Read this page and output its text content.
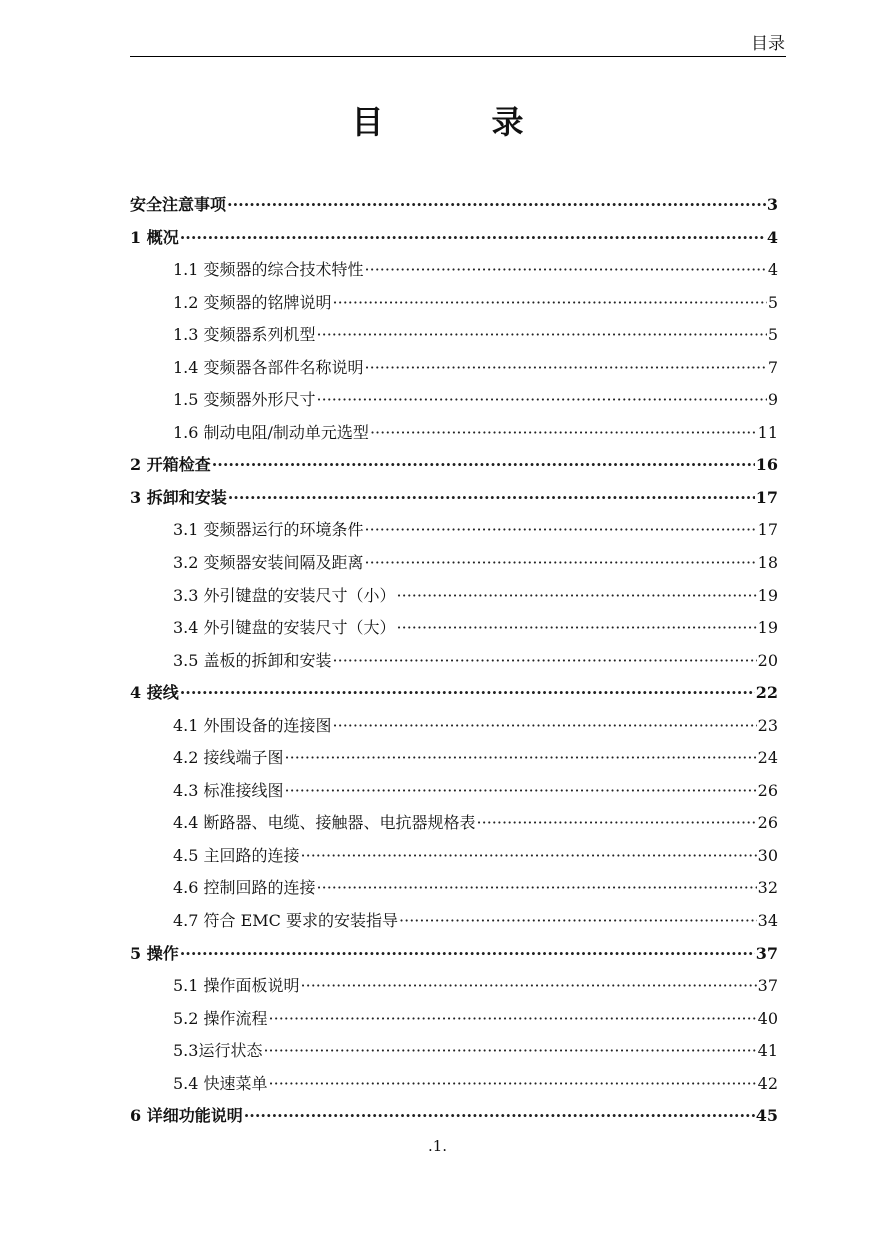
目录
目　录
安全注意事项 ·····	3
1 概况 ·····	4
1.1 变频器的综合技术特性 ·····	4
1.2 变频器的铭牌说明 ·····	5
1.3 变频器系列机型 ·····	5
1.4 变频器各部件名称说明 ·····	7
1.5 变频器外形尺寸 ·····	9
1.6 制动电阻/制动单元选型 ·····	11
2 开箱检查 ·····	16
3 拆卸和安装 ·····	17
3.1 变频器运行的环境条件 ·····	17
3.2 变频器安装间隔及距离 ·····	18
3.3 外引键盘的安装尺寸（小） ·····	19
3.4 外引键盘的安装尺寸（大） ·····	19
3.5 盖板的拆卸和安装 ·····	20
4 接线 ·····	22
4.1 外围设备的连接图 ·····	23
4.2 接线端子图 ·····	24
4.3 标准接线图 ·····	26
4.4 断路器、电缆、接触器、电抗器规格表 ·····	26
4.5 主回路的连接 ·····	30
4.6 控制回路的连接 ·····	32
4.7 符合 EMC 要求的安装指导 ·····	34
5 操作 ·····	37
5.1 操作面板说明 ·····	37
5.2 操作流程 ·····	40
5.3运行状态 ·····	41
5.4 快速菜单 ·····	42
6 详细功能说明 ·····	45
.1.
